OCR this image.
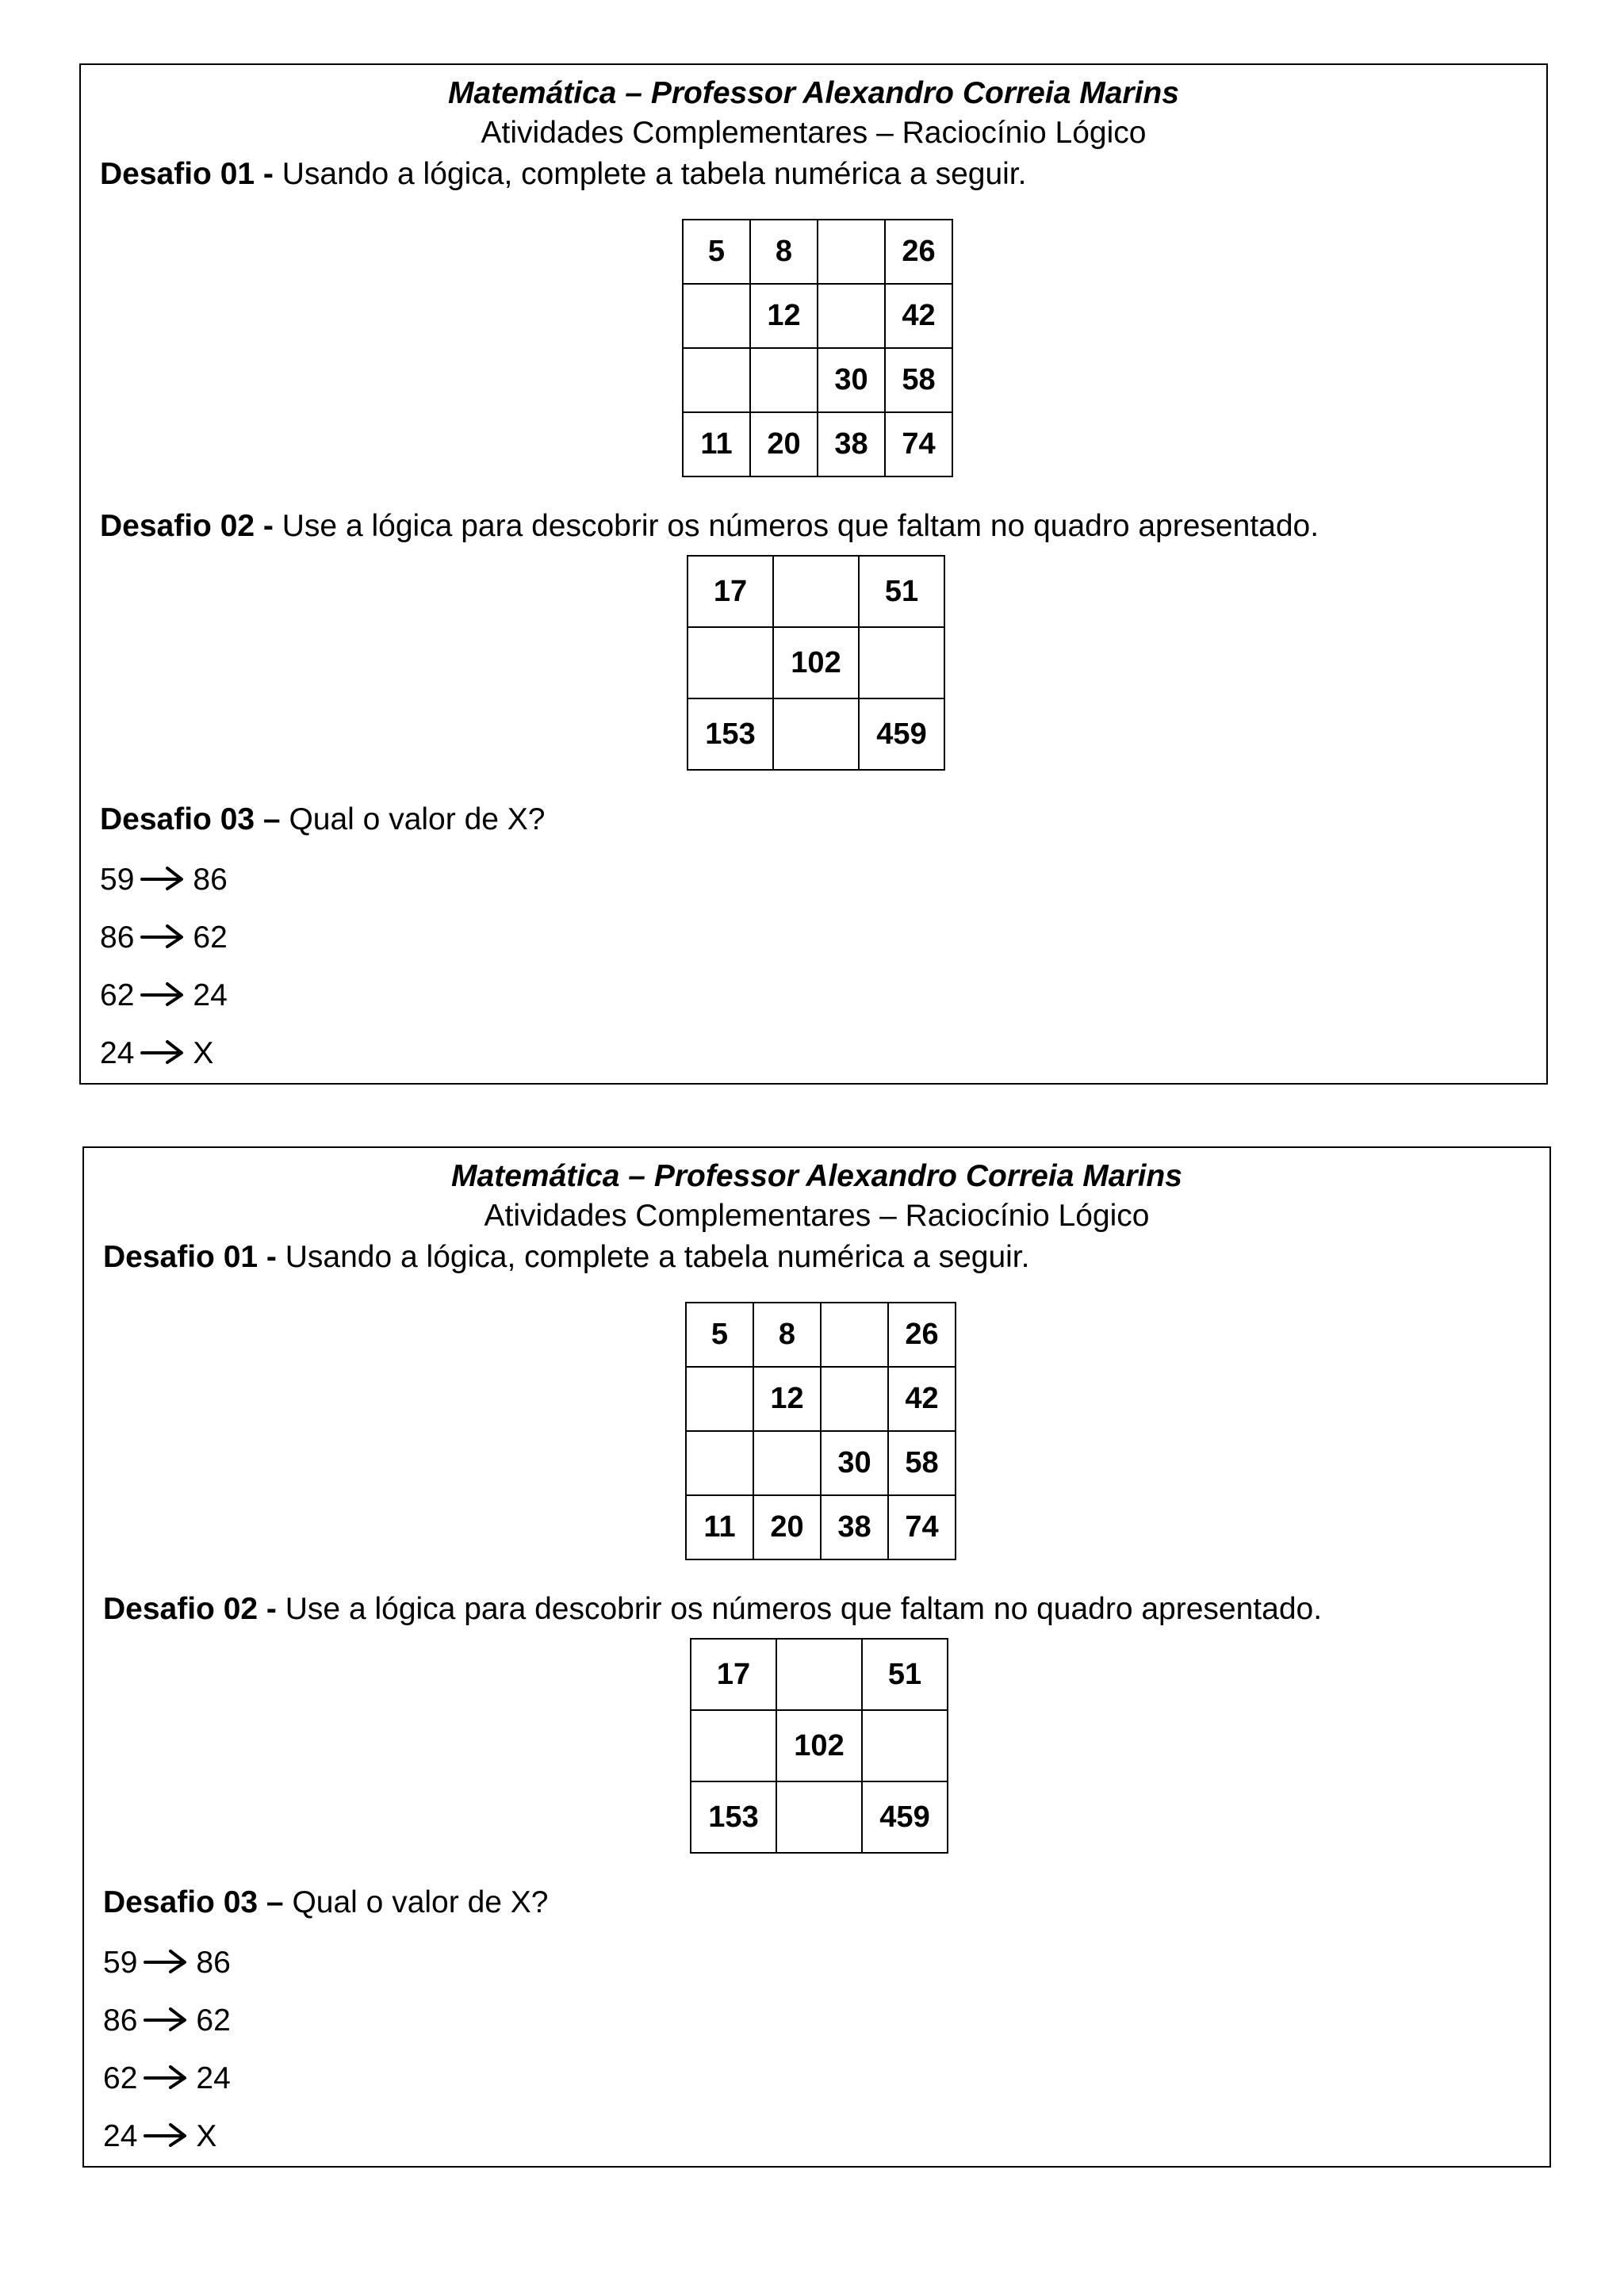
Matemática – Professor Alexandro Correia Marins
Atividades Complementares – Raciocínio Lógico
Desafio 01 - Usando a lógica, complete a tabela numérica a seguir.
5	8		26
	12		42
		30	58
11	20	38	74
Desafio 02 - Use a lógica para descobrir os números que faltam no quadro apresentado.
17		51
	102	
153		459
Desafio 03 – Qual o valor de X?
59 86
86 62
62 24
24 X
Matemática – Professor Alexandro Correia Marins
Atividades Complementares – Raciocínio Lógico
Desafio 01 - Usando a lógica, complete a tabela numérica a seguir.
5	8		26
	12		42
		30	58
11	20	38	74
Desafio 02 - Use a lógica para descobrir os números que faltam no quadro apresentado.
17		51
	102	
153		459
Desafio 03 – Qual o valor de X?
59 86
86 62
62 24
24 X
